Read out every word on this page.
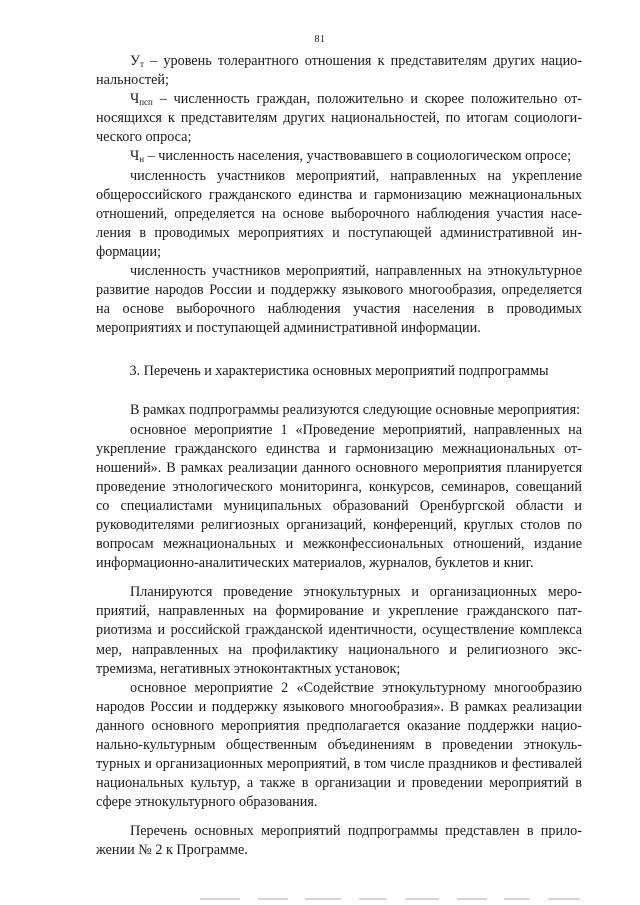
81

$У_т$ – уровень толерантного отношения к представителям других национальностей;

$Ч_{псп}$ – численность граждан, положительно и скорее положительно относящихся к представителям других национальностей, по итогам социологического опроса;

$Ч_н$ – численность населения, участвовавшего в социологическом опросе;

численность участников мероприятий, направленных на укрепление общероссийского гражданского единства и гармонизацию межнациональных отношений, определяется на основе выборочного наблюдения участия населения в проводимых мероприятиях и поступающей административной информации;

численность участников мероприятий, направленных на этнокультурное развитие народов России и поддержку языкового многообразия, определяется на основе выборочного наблюдения участия населения в проводимых мероприятиях и поступающей административной информации.

3. Перечень и характеристика основных мероприятий подпрограммы

В рамках подпрограммы реализуются следующие основные мероприятия:

основное мероприятие 1 «Проведение мероприятий, направленных на укрепление гражданского единства и гармонизацию межнациональных отношений». В рамках реализации данного основного мероприятия планируется проведение этнологического мониторинга, конкурсов, семинаров, совещаний со специалистами муниципальных образований Оренбургской области и руководителями религиозных организаций, конференций, круглых столов по вопросам межнациональных и межконфессиональных отношений, издание информационно-аналитических материалов, журналов, буклетов и книг.

Планируются проведение этнокультурных и организационных мероприятий, направленных на формирование и укрепление гражданского патриотизма и российской гражданской идентичности, осуществление комплекса мер, направленных на профилактику национального и религиозного экстремизма, негативных этноконтактных установок;

основное мероприятие 2 «Содействие этнокультурному многообразию народов России и поддержку языкового многообразия». В рамках реализации данного основного мероприятия предполагается оказание поддержки национально-культурным общественным объединениям в проведении этнокультурных и организационных мероприятий, в том числе праздников и фестивалей национальных культур, а также в организации и проведении мероприятий в сфере этнокультурного образования.

Перечень основных мероприятий подпрограммы представлен в приложении № 2 к Программе.
